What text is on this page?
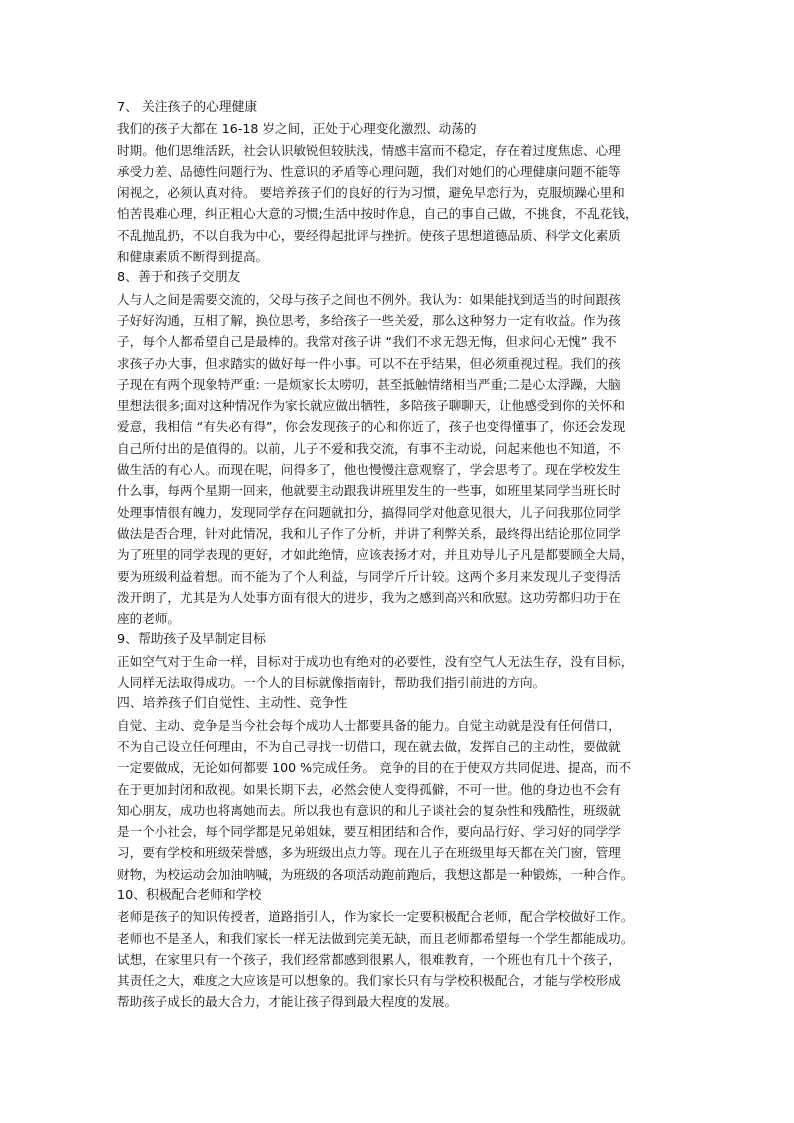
7、 关注孩子的心理健康
我们的孩子大都在 16-18 岁之间，正处于心理变化激烈、动荡的
时期。他们思维活跃，社会认识敏锐但较肤浅，情感丰富而不稳定，存在着过度焦虑、心理
承受力差、品德性问题行为、性意识的矛盾等心理问题，我们对她们的心理健康问题不能等
闲视之，必须认真对待。 要培养孩子们的良好的行为习惯，避免早恋行为，克服烦躁心里和
怕苦畏难心理，纠正粗心大意的习惯;生活中按时作息，自己的事自己做，不挑食，不乱花钱，
不乱抛乱扔，不以自我为中心，要经得起批评与挫折。使孩子思想道德品质、科学文化素质
和健康素质不断得到提高。
8、善于和孩子交朋友
人与人之间是需要交流的，父母与孩子之间也不例外。我认为：如果能找到适当的时间跟孩
子好好沟通，互相了解，换位思考，多给孩子一些关爱，那么这种努力一定有收益。作为孩
子，每个人都希望自己是最棒的。我常对孩子讲 “我们不求无怨无悔，但求问心无愧” 我不
求孩子办大事，但求踏实的做好每一件小事。可以不在乎结果，但必须重视过程。我们的孩
子现在有两个现象特严重: 一是烦家长太唠叨，甚至抵触情绪相当严重;二是心太浮躁，大脑
里想法很多;面对这种情况作为家长就应做出牺牲，多陪孩子聊聊天，让他感受到你的关怀和
爱意，我相信 “有失必有得”，你会发现孩子的心和你近了，孩子也变得懂事了，你还会发现
自己所付出的是值得的。以前，儿子不爱和我交流，有事不主动说，问起来他也不知道，不
做生活的有心人。而现在呢，问得多了，他也慢慢注意观察了，学会思考了。现在学校发生
什么事，每两个星期一回来，他就要主动跟我讲班里发生的一些事，如班里某同学当班长时
处理事情很有魄力，发现同学存在问题就扣分，搞得同学对他意见很大，儿子问我那位同学
做法是否合理，针对此情况，我和儿子作了分析，并讲了利弊关系，最终得出结论那位同学
为了班里的同学表现的更好，才如此绝情，应该表扬才对，并且劝导儿子凡是都要顾全大局，
要为班级利益着想。而不能为了个人利益，与同学斤斤计较。这两个多月来发现儿子变得活
泼开朗了，尤其是为人处事方面有很大的进步，我为之感到高兴和欣慰。这功劳都归功于在
座的老师。
9、帮助孩子及早制定目标
正如空气对于生命一样，目标对于成功也有绝对的必要性，没有空气人无法生存，没有目标，
人同样无法取得成功。一个人的目标就像指南针，帮助我们指引前进的方向。
四、培养孩子们自觉性、主动性、竞争性
自觉、主动、竞争是当今社会每个成功人士都要具备的能力。自觉主动就是没有任何借口，
不为自己设立任何理由，不为自己寻找一切借口，现在就去做，发挥自己的主动性，要做就
一定要做成，无论如何都要 100 %完成任务。 竞争的目的在于使双方共同促进、提高，而不
在于更加封闭和敌视。如果长期下去，必然会使人变得孤僻，不可一世。他的身边也不会有
知心朋友，成功也将离她而去。所以我也有意识的和儿子谈社会的复杂性和残酷性，班级就
是一个小社会，每个同学都是兄弟姐妹，要互相团结和合作，要向品行好、学习好的同学学
习，要有学校和班级荣誉感，多为班级出点力等。现在儿子在班级里每天都在关门窗，管理
财物，为校运动会加油呐喊，为班级的各项活动跑前跑后，我想这都是一种锻炼，一种合作。
10、积极配合老师和学校
老师是孩子的知识传授者，道路指引人，作为家长一定要积极配合老师，配合学校做好工作。
老师也不是圣人，和我们家长一样无法做到完美无缺，而且老师都希望每一个学生都能成功。
试想，在家里只有一个孩子，我们经常都感到很累人，很难教育，一个班也有几十个孩子，
其责任之大，难度之大应该是可以想象的。我们家长只有与学校积极配合，才能与学校形成
帮助孩子成长的最大合力，才能让孩子得到最大程度的发展。
